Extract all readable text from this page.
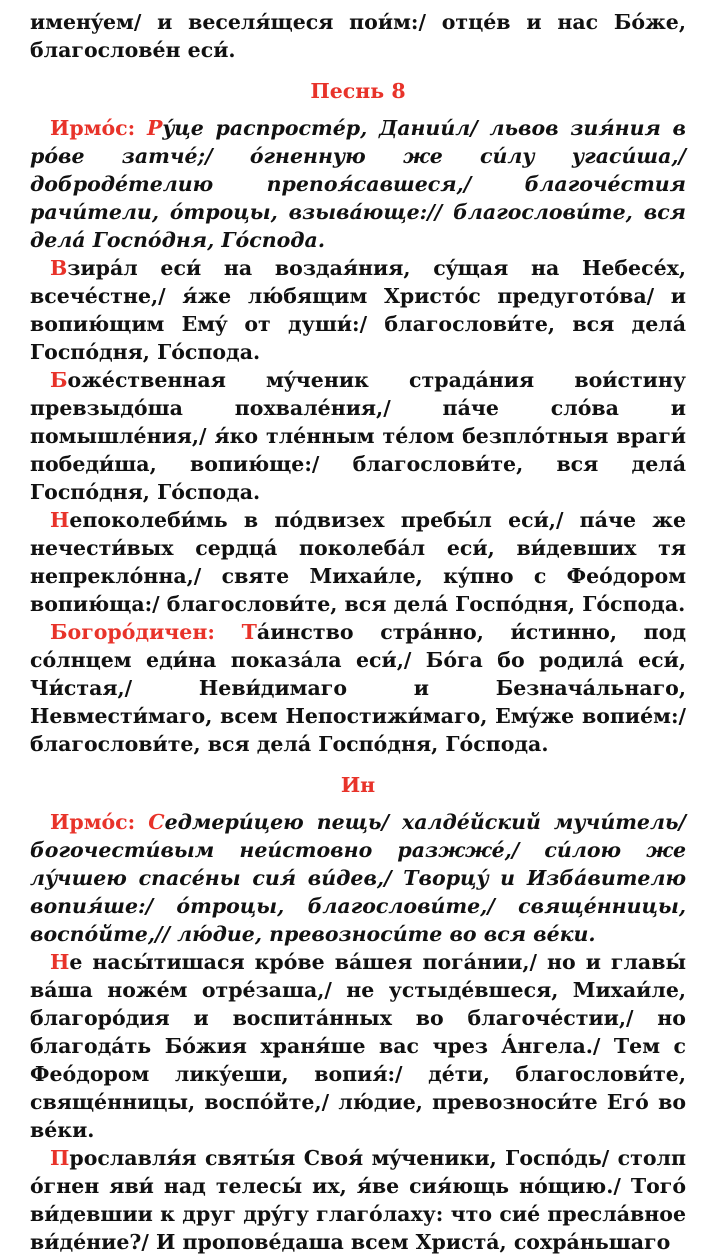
именýем/ и веселя́щеся пои́м:/ отцéв и нас Бóже, благословéн еси́.

Песнь 8

Ирмóс: Рýце распростéр, Дании́л/ львов зия́ния в рóве затчé;/ óгненную же си́лу угаси́ша,/ добродéтелию препоя́савшеся,/ благочéстия рачи́тели, óтроцы, взыва́юще:// благослови́те, вся делá Госпóдня, Гóспода.

Взирáл еси́ на воздая́ния, сýщая на Небесéх, всечéстне,/ я́же лю́бящим Христóс предуготóва/ и вопию́щим Емý от души́:/ благослови́те, вся делá Госпóдня, Гóспода.

Божéственная мýченик страдáния вои́стину превзыдóша похвалéния,/ пáче слóва и помышлéния,/ я́ко тлéнным тéлом безплóтныя враги́ победи́ша, вопию́ще:/ благослови́те, вся делá Госпóдня, Гóспода.

Непоколеби́мь в пóдвизех пребы́л еси́,/ пáче же нечести́вых сердцá поколебáл еси́, ви́девших тя непреклóнна,/ святе Михаи́ле, кýпно с Феóдором вопию́ща:/ благослови́те, вся делá Госпóдня, Гóспода.

Богорóдичен: Тáинство стрáнно, и́стинно, под сóлнцем еди́на показáла еси́,/ Бóга бо родилá еси́, Чи́стая,/ Неви́димаго и Безначáльнаго, Невмести́маго, всем Непостижи́маго, Емýже вопиéм:/ благослови́те, вся делá Госпóдня, Гóспода.

Ин

Ирмóс: Седмери́цею пещь/ халдéйский мучи́тель/ богочести́вым неи́стовно разжжé,/ си́лою же лýчшею спасéны сия́ ви́дев,/ Творцý и Избáвителю вопия́ше:/ óтроцы, благослови́те,/ свящéнницы, воспóйте,// лю́дие, превозноси́те во вся вéки.

Не насы́тишася крóве вáшея погáнии,/ но и главы́ вáша ножéм отрéзаша,/ не устыдéвшеся, Михаи́ле, благорóдия и воспитáнных во благочéстии,/ но благодáть Бóжия храня́ше вас чрез Áнгела./ Тем с Феóдором ликýеши, вопия́:/ дéти, благослови́те, свящéнницы, воспóйте,/ лю́дие, превозноси́те Егó во вéки.

Прославля́я святы́я Своя́ мýченики, Госпóдь/ столп óгнен яви́ над телесы́ их, я́ве сия́ющь нóщию./ Тогó ви́девшии к друг дрýгу глагóлаху: что сиé преслáвное ви́дéние?/ И проповéдаша всем Христá, сохрáньшаго
